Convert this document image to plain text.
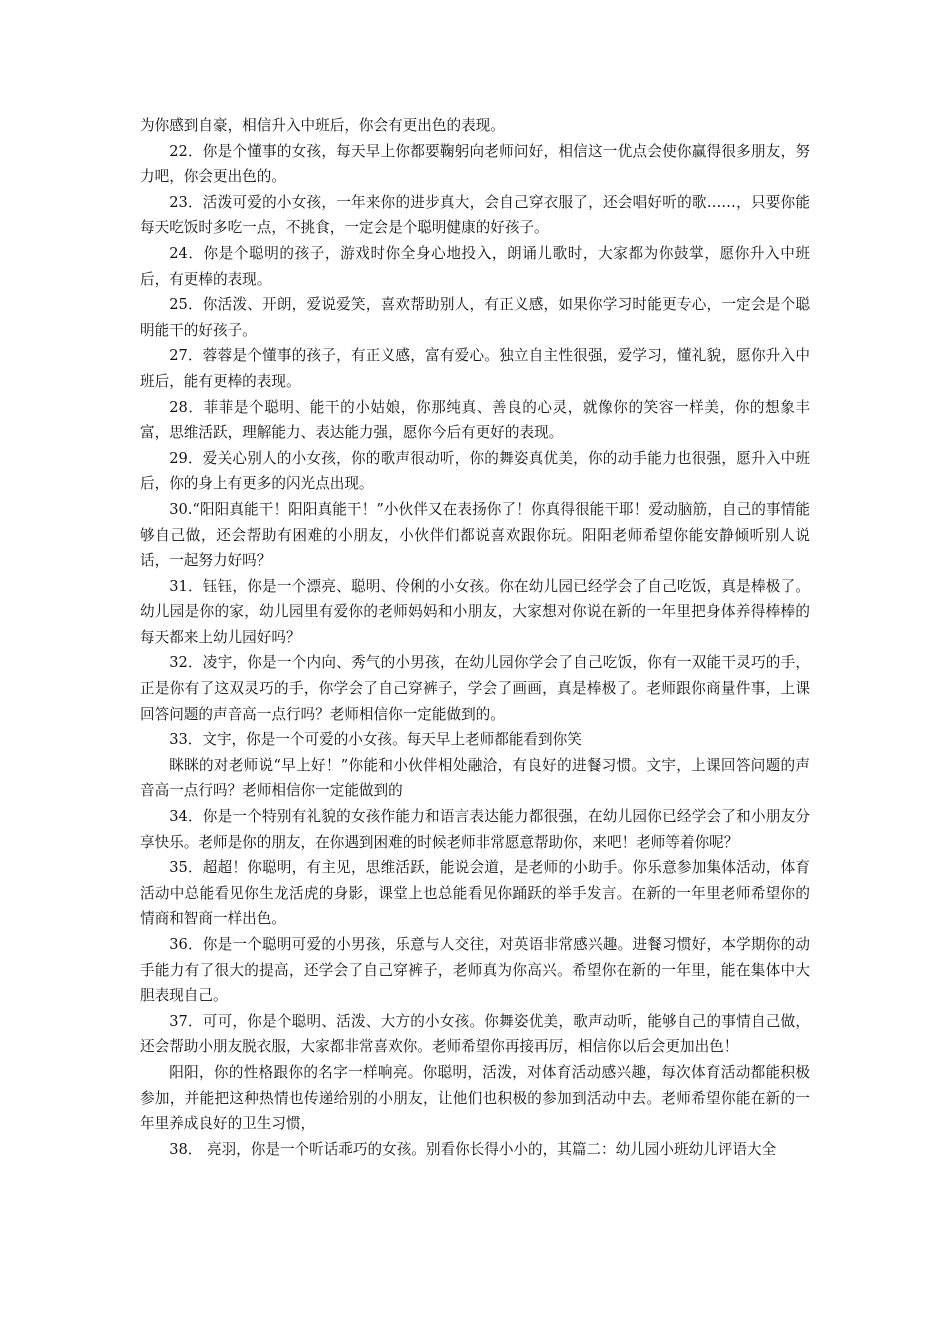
为你感到自豪，相信升入中班后，你会有更出色的表现。

22．你是个懂事的女孩，每天早上你都要鞠躬向老师问好，相信这一优点会使你赢得很多朋友，努力吧，你会更出色的。

23．活泼可爱的小女孩，一年来你的进步真大，会自己穿衣服了，还会唱好听的歌……，只要你能每天吃饭时多吃一点，不挑食，一定会是个聪明健康的好孩子。

24．你是个聪明的孩子，游戏时你全身心地投入，朗诵儿歌时，大家都为你鼓掌，愿你升入中班后，有更棒的表现。

25．你活泼、开朗，爱说爱笑，喜欢帮助别人，有正义感，如果你学习时能更专心，一定会是个聪明能干的好孩子。

27．蓉蓉是个懂事的孩子，有正义感，富有爱心。独立自主性很强，爱学习，懂礼貌，愿你升入中班后，能有更棒的表现。

28．菲菲是个聪明、能干的小姑娘，你那纯真、善良的心灵，就像你的笑容一样美，你的想象丰富，思维活跃，理解能力、表达能力强，愿你今后有更好的表现。

29．爱关心别人的小女孩，你的歌声很动听，你的舞姿真优美，你的动手能力也很强，愿升入中班后，你的身上有更多的闪光点出现。

30.“阳阳真能干！阳阳真能干！”小伙伴又在表扬你了！你真得很能干耶！爱动脑筋，自己的事情能够自己做，还会帮助有困难的小朋友，小伙伴们都说喜欢跟你玩。阳阳老师希望你能安静倾听别人说话，一起努力好吗？

31．钰钰，你是一个漂亮、聪明、伶俐的小女孩。你在幼儿园已经学会了自己吃饭，真是棒极了。幼儿园是你的家，幼儿园里有爱你的老师妈妈和小朋友，大家想对你说在新的一年里把身体养得棒棒的每天都来上幼儿园好吗？

32．凌宇，你是一个内向、秀气的小男孩，在幼儿园你学会了自己吃饭，你有一双能干灵巧的手，正是你有了这双灵巧的手，你学会了自己穿裤子，学会了画画，真是棒极了。老师跟你商量件事，上课回答问题的声音高一点行吗？老师相信你一定能做到的。

33．文宇，你是一个可爱的小女孩。每天早上老师都能看到你笑

眯眯的对老师说“早上好！”你能和小伙伴相处融洽，有良好的进餐习惯。文宇，上课回答问题的声音高一点行吗？老师相信你一定能做到的

34．你是一个特别有礼貌的女孩作能力和语言表达能力都很强，在幼儿园你已经学会了和小朋友分享快乐。老师是你的朋友，在你遇到困难的时候老师非常愿意帮助你，来吧！老师等着你呢？

35．超超！你聪明，有主见，思维活跃，能说会道，是老师的小助手。你乐意参加集体活动，体育活动中总能看见你生龙活虎的身影，课堂上也总能看见你踊跃的举手发言。在新的一年里老师希望你的情商和智商一样出色。

36．你是一个聪明可爱的小男孩，乐意与人交往，对英语非常感兴趣。进餐习惯好，本学期你的动手能力有了很大的提高，还学会了自己穿裤子，老师真为你高兴。希望你在新的一年里，能在集体中大胆表现自己。

37．可可，你是个聪明、活泼、大方的小女孩。你舞姿优美，歌声动听，能够自己的事情自己做，还会帮助小朋友脱衣服，大家都非常喜欢你。老师希望你再接再厉，相信你以后会更加出色！

阳阳，你的性格跟你的名字一样响亮。你聪明，活泼，对体育活动感兴趣，每次体育活动都能积极参加，并能把这种热情也传递给别的小朋友，让他们也积极的参加到活动中去。老师希望你能在新的一年里养成良好的卫生习惯，

38． 亮羽，你是一个听话乖巧的女孩。别看你长得小小的，其篇二：幼儿园小班幼儿评语大全
